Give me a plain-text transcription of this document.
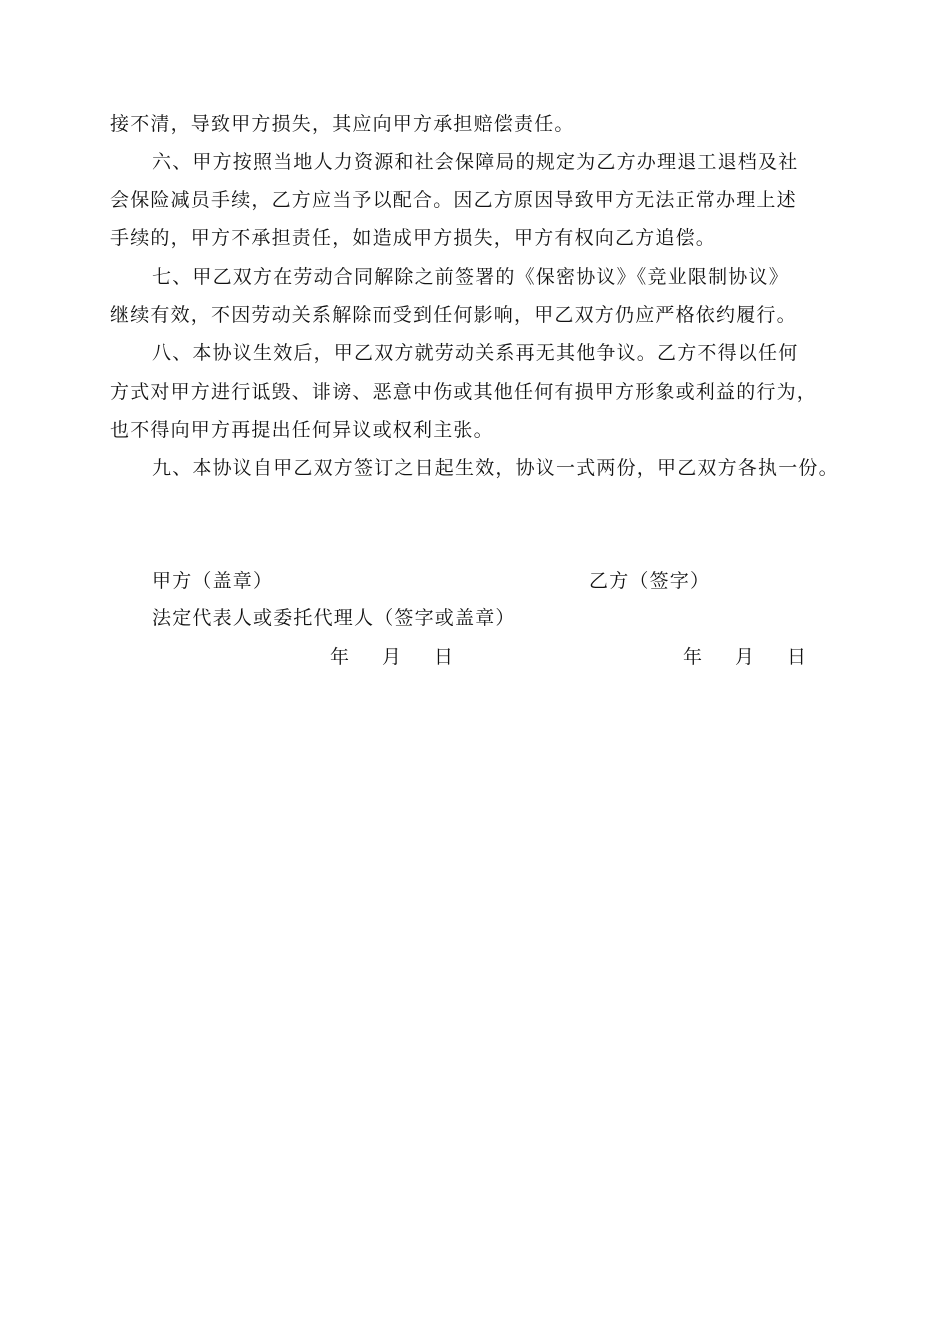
接不清，导致甲方损失，其应向甲方承担赔偿责任。
六、甲方按照当地人力资源和社会保障局的规定为乙方办理退工退档及社
会保险减员手续，乙方应当予以配合。因乙方原因导致甲方无法正常办理上述
手续的，甲方不承担责任，如造成甲方损失，甲方有权向乙方追偿。
七、甲乙双方在劳动合同解除之前签署的《保密协议》《竞业限制协议》
继续有效，不因劳动关系解除而受到任何影响，甲乙双方仍应严格依约履行。
八、本协议生效后，甲乙双方就劳动关系再无其他争议。乙方不得以任何
方式对甲方进行诋毁、诽谤、恶意中伤或其他任何有损甲方形象或利益的行为，
也不得向甲方再提出任何异议或权利主张。
九、本协议自甲乙双方签订之日起生效，协议一式两份，甲乙双方各执一份。
甲方（盖章）	乙方（签字）
法定代表人或委托代理人（签字或盖章）
年 月 日	年 月 日
